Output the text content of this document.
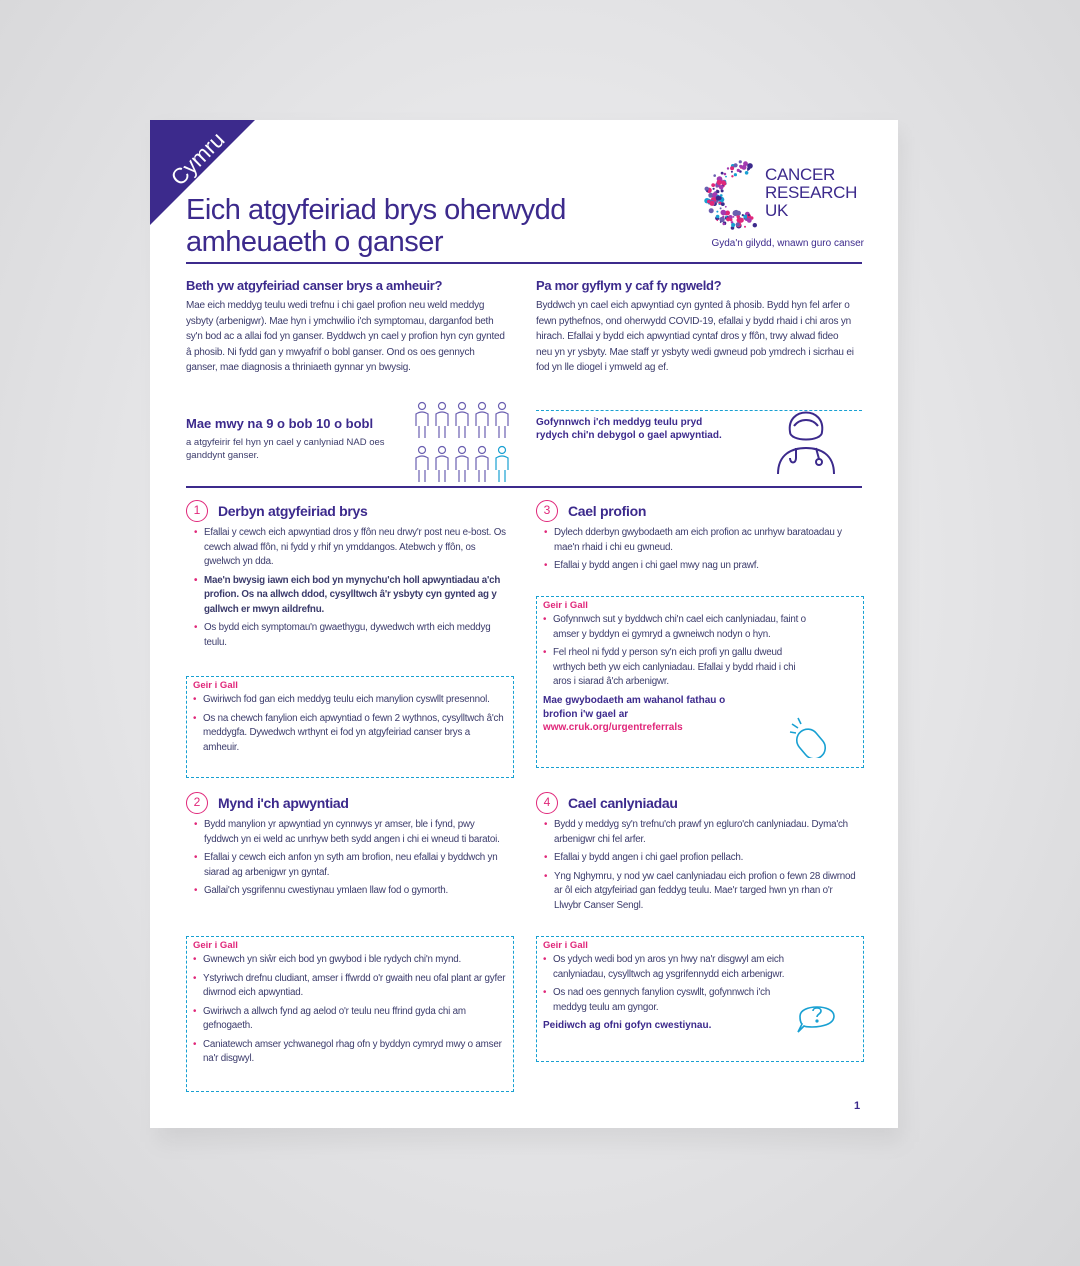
Cymru
Eich atgyfeiriad brys oherwydd amheuaeth o ganser
CANCER
RESEARCH
UK
Gyda'n gilydd, wnawn guro canser
Beth yw atgyfeiriad canser brys a amheuir?
Mae eich meddyg teulu wedi trefnu i chi gael profion neu weld meddyg ysbyty (arbenigwr). Mae hyn i ymchwilio i'ch symptomau, darganfod beth sy'n bod ac a allai fod yn ganser. Byddwch yn cael y profion hyn cyn gynted â phosib. Ni fydd gan y mwyafrif o bobl ganser. Ond os oes gennych ganser, mae diagnosis a thriniaeth gynnar yn bwysig.
Mae mwy na 9 o bob 10 o bobl
a atgyfeirir fel hyn yn cael y canlyniad NAD oes ganddynt ganser.
Pa mor gyflym y caf fy ngweld?
Byddwch yn cael eich apwyntiad cyn gynted â phosib. Bydd hyn fel arfer o fewn pythefnos, ond oherwydd COVID-19, efallai y bydd rhaid i chi aros yn hirach. Efallai y bydd eich apwyntiad cyntaf dros y ffôn, trwy alwad fideo neu yn yr ysbyty. Mae staff yr ysbyty wedi gwneud pob ymdrech i sicrhau ei fod yn lle diogel i ymweld ag ef.
Gofynnwch i'ch meddyg teulu pryd rydych chi'n debygol o gael apwyntiad.
1	Derbyn atgyfeiriad brys
• Efallai y cewch eich apwyntiad dros y ffôn neu drwy'r post neu e-bost. Os cewch alwad ffôn, ni fydd y rhif yn ymddangos. Atebwch y ffôn, os gwelwch yn dda.
• Mae'n bwysig iawn eich bod yn mynychu'ch holl apwyntiadau a'ch profion. Os na allwch ddod, cysylltwch â'r ysbyty cyn gynted ag y gallwch er mwyn aildrefnu.
• Os bydd eich symptomau'n gwaethygu, dywedwch wrth eich meddyg teulu.
Geir i Gall
• Gwiriwch fod gan eich meddyg teulu eich manylion cyswllt presennol.
• Os na chewch fanylion eich apwyntiad o fewn 2 wythnos, cysylltwch â'ch meddygfa. Dywedwch wrthynt ei fod yn atgyfeiriad canser brys a amheuir.
2	Mynd i'ch apwyntiad
• Bydd manylion yr apwyntiad yn cynnwys yr amser, ble i fynd, pwy fyddwch yn ei weld ac unrhyw beth sydd angen i chi ei wneud ti baratoi.
• Efallai y cewch eich anfon yn syth am brofion, neu efallai y byddwch yn siarad ag arbenigwr yn gyntaf.
• Gallai'ch ysgrifennu cwestiynau ymlaen llaw fod o gymorth.
Geir i Gall
• Gwnewch yn siŵr eich bod yn gwybod i ble rydych chi'n mynd.
• Ystyriwch drefnu cludiant, amser i ffwrdd o'r gwaith neu ofal plant ar gyfer diwrnod eich apwyntiad.
• Gwiriwch a allwch fynd ag aelod o'r teulu neu ffrind gyda chi am gefnogaeth.
• Caniatewch amser ychwanegol rhag ofn y byddyn cymryd mwy o amser na'r disgwyl.
3	Cael profion
• Dylech dderbyn gwybodaeth am eich profion ac unrhyw baratoadau y mae'n rhaid i chi eu gwneud.
• Efallai y bydd angen i chi gael mwy nag un prawf.
Geir i Gall
• Gofynnwch sut y byddwch chi'n cael eich canlyniadau, faint o amser y byddyn ei gymryd a gwneiwch nodyn o hyn.
• Fel rheol ni fydd y person sy'n eich profi yn gallu dweud wrthych beth yw eich canlyniadau. Efallai y bydd rhaid i chi aros i siarad â'ch arbenigwr.
Mae gwybodaeth am wahanol fathau o brofion i'w gael ar
www.cruk.org/urgentreferrals
4	Cael canlyniadau
• Bydd y meddyg sy'n trefnu'ch prawf yn egluro'ch canlyniadau. Dyma'ch arbenigwr chi fel arfer.
• Efallai y bydd angen i chi gael profion pellach.
• Yng Nghymru, y nod yw cael canlyniadau eich profion o fewn 28 diwrnod ar ôl eich atgyfeiriad gan feddyg teulu. Mae'r targed hwn yn rhan o'r Llwybr Canser Sengl.
Geir i Gall
• Os ydych wedi bod yn aros yn hwy na'r disgwyl am eich canlyniadau, cysylltwch ag ysgrifennydd eich arbenigwr.
• Os nad oes gennych fanylion cyswllt, gofynnwch i'ch meddyg teulu am gyngor.
Peidiwch ag ofni gofyn cwestiynau.
1
